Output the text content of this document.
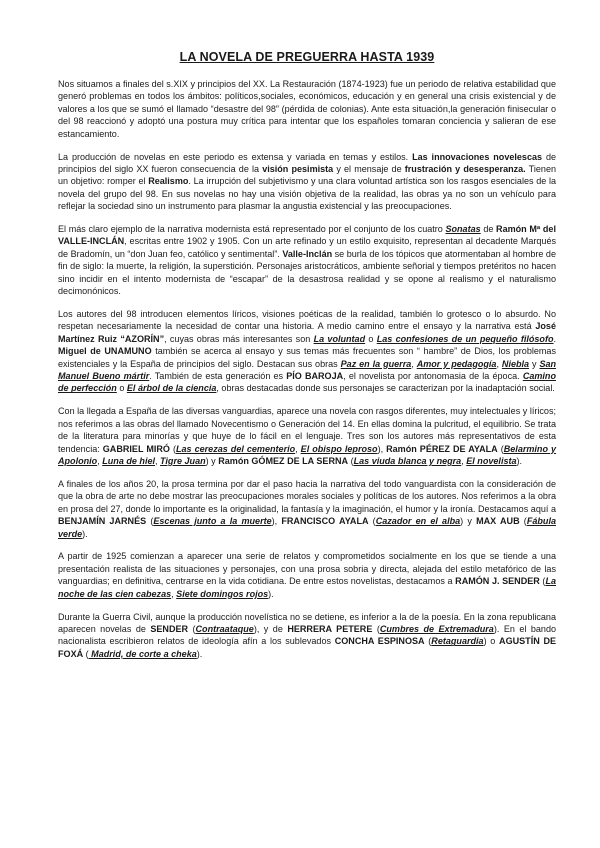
LA NOVELA DE PREGUERRA HASTA 1939

Nos situamos a finales del s.XIX y principios del XX. La Restauración (1874-1923) fue un periodo de relativa estabilidad que generó problemas en todos los ámbitos: políticos,sociales, económicos, educación y en general una crisis existencial y de valores a los que se sumó el llamado “desastre del 98” (pérdida de colonias). Ante esta situación,la generación finisecular o del 98 reaccionó y adoptó una postura muy crítica para intentar que los españoles tomaran conciencia y salieran de ese estancamiento.

La producción de novelas en este periodo es extensa y variada en temas y estilos. Las innovaciones novelescas de principios del siglo XX fueron consecuencia de la visión pesimista y el mensaje de frustración y desesperanza. Tienen un objetivo: romper el Realismo. La irrupción del subjetivismo y una clara voluntad artística son los rasgos esenciales de la novela del grupo del 98. En sus novelas no hay una visión objetiva de la realidad, las obras ya no son un vehículo para reflejar la sociedad sino un instrumento para plasmar la angustia existencial y las preocupaciones.

El más claro ejemplo de la narrativa modernista está representado por el conjunto de los cuatro Sonatas de Ramón Mª del VALLE-INCLÁN, escritas entre 1902 y 1905. Con un arte refinado y un estilo exquisito, representan al decadente Marqués de Bradomín, un “don Juan feo, católico y sentimental”. Valle-Inclán se burla de los tópicos que atormentaban al hombre de fin de siglo: la muerte, la religión, la superstición. Personajes aristocráticos, ambiente señorial y tiempos pretéritos no hacen sino incidir en el intento modernista de “escapar” de la desastrosa realidad y se opone al realismo y el naturalismo decimonónicos.

Los autores del 98 introducen elementos líricos, visiones poéticas de la realidad, también lo grotesco o lo absurdo. No respetan necesariamente la necesidad de contar una historia. A medio camino entre el ensayo y la narrativa está José Martínez Ruiz “AZORÍN”, cuyas obras más interesantes son La voluntad o Las confesiones de un pequeño filósofo. Miguel de UNAMUNO también se acerca al ensayo y sus temas más frecuentes son “ hambre” de Dios, los problemas existenciales y la España de principios del siglo. Destacan sus obras Paz en la guerra, Amor y pedagogía, Niebla y San Manuel Bueno mártir. También de esta generación es PÍO BAROJA, el novelista por antonomasia de la época. Camino de perfección o El árbol de la ciencia, obras destacadas donde sus personajes se caracterizan por la inadaptación social.

Con la llegada a España de las diversas vanguardias, aparece una novela con rasgos diferentes, muy intelectuales y líricos; nos referimos a las obras del llamado Novecentismo o Generación del 14. En ellas domina la pulcritud, el equilibrio. Se trata de la literatura para minorías y que huye de lo fácil en el lenguaje. Tres son los autores más representativos de esta tendencia: GABRIEL MIRÓ (Las cerezas del cementerio, El obispo leproso), Ramón PÉREZ DE AYALA (Belarmino y Apolonio, Luna de hiel, Tigre Juan) y Ramón GÓMEZ DE LA SERNA (Las viuda blanca y negra, El novelista).

A finales de los años 20, la prosa termina por dar el paso hacia la narrativa del todo vanguardista con la consideración de que la obra de arte no debe mostrar las preocupaciones morales sociales y políticas de los autores. Nos referimos a la obra en prosa del 27, donde lo importante es la originalidad, la fantasía y la imaginación, el humor y la ironía. Destacamos aquí a BENJAMÍN JARNÉS (Escenas junto a la muerte), FRANCISCO AYALA (Cazador en el alba) y MAX AUB (Fábula verde).

A partir de 1925 comienzan a aparecer una serie de relatos y comprometidos socialmente en los que se tiende a una presentación realista de las situaciones y personajes, con una prosa sobria y directa, alejada del estilo metafórico de las vanguardias; en definitiva, centrarse en la vida cotidiana. De entre estos novelistas, destacamos a RAMÓN J. SENDER (La noche de las cien cabezas, Siete domingos rojos).

Durante la Guerra Civil, aunque la producción novelística no se detiene, es inferior a la de la poesía. En la zona republicana aparecen novelas de SENDER (Contraataque), y de HERRERA PETERE (Cumbres de Extremadura). En el bando nacionalista escribieron relatos de ideología afín a los sublevados CONCHA ESPINOSA (Retaguardia) o AGUSTÍN DE FOXÁ ( Madrid, de corte a cheka).
